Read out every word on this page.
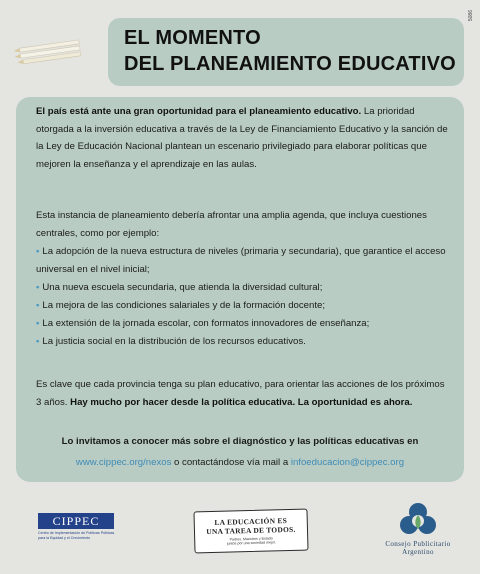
5086
EL MOMENTO
DEL PLANEAMIENTO EDUCATIVO
El país está ante una gran oportunidad para el planeamiento educativo. La prioridad otorgada a la inversión educativa a través de la Ley de Financiamiento Educativo y la sanción de la Ley de Educación Nacional plantean un escenario privilegiado para elaborar políticas que mejoren la enseñanza y el aprendizaje en las aulas.
Esta instancia de planeamiento debería afrontar una amplia agenda, que incluya cuestiones centrales, como por ejemplo:
• La adopción de la nueva estructura de niveles (primaria y secundaria), que garantice el acceso universal en el nivel inicial;
• Una nueva escuela secundaria, que atienda la diversidad cultural;
• La mejora de las condiciones salariales y de la formación docente;
• La extensión de la jornada escolar, con formatos innovadores de enseñanza;
• La justicia social en la distribución de los recursos educativos.
Es clave que cada provincia tenga su plan educativo, para orientar las acciones de los próximos 3 años. Hay mucho por hacer desde la política educativa. La oportunidad es ahora.
Lo invitamos a conocer más sobre el diagnóstico y las políticas educativas en
www.cippec.org/nexos o contactándose vía mail a infoeducacion@cippec.org
CIPPEC
Centro de Implementación de Políticas Públicas
para la Equidad y el Crecimiento
LA EDUCACIÓN ES
UNA TAREA DE TODOS.
Padres, Maestros y Estado
juntos por una sociedad mejor.	Consejo Publicitario
Argentino
